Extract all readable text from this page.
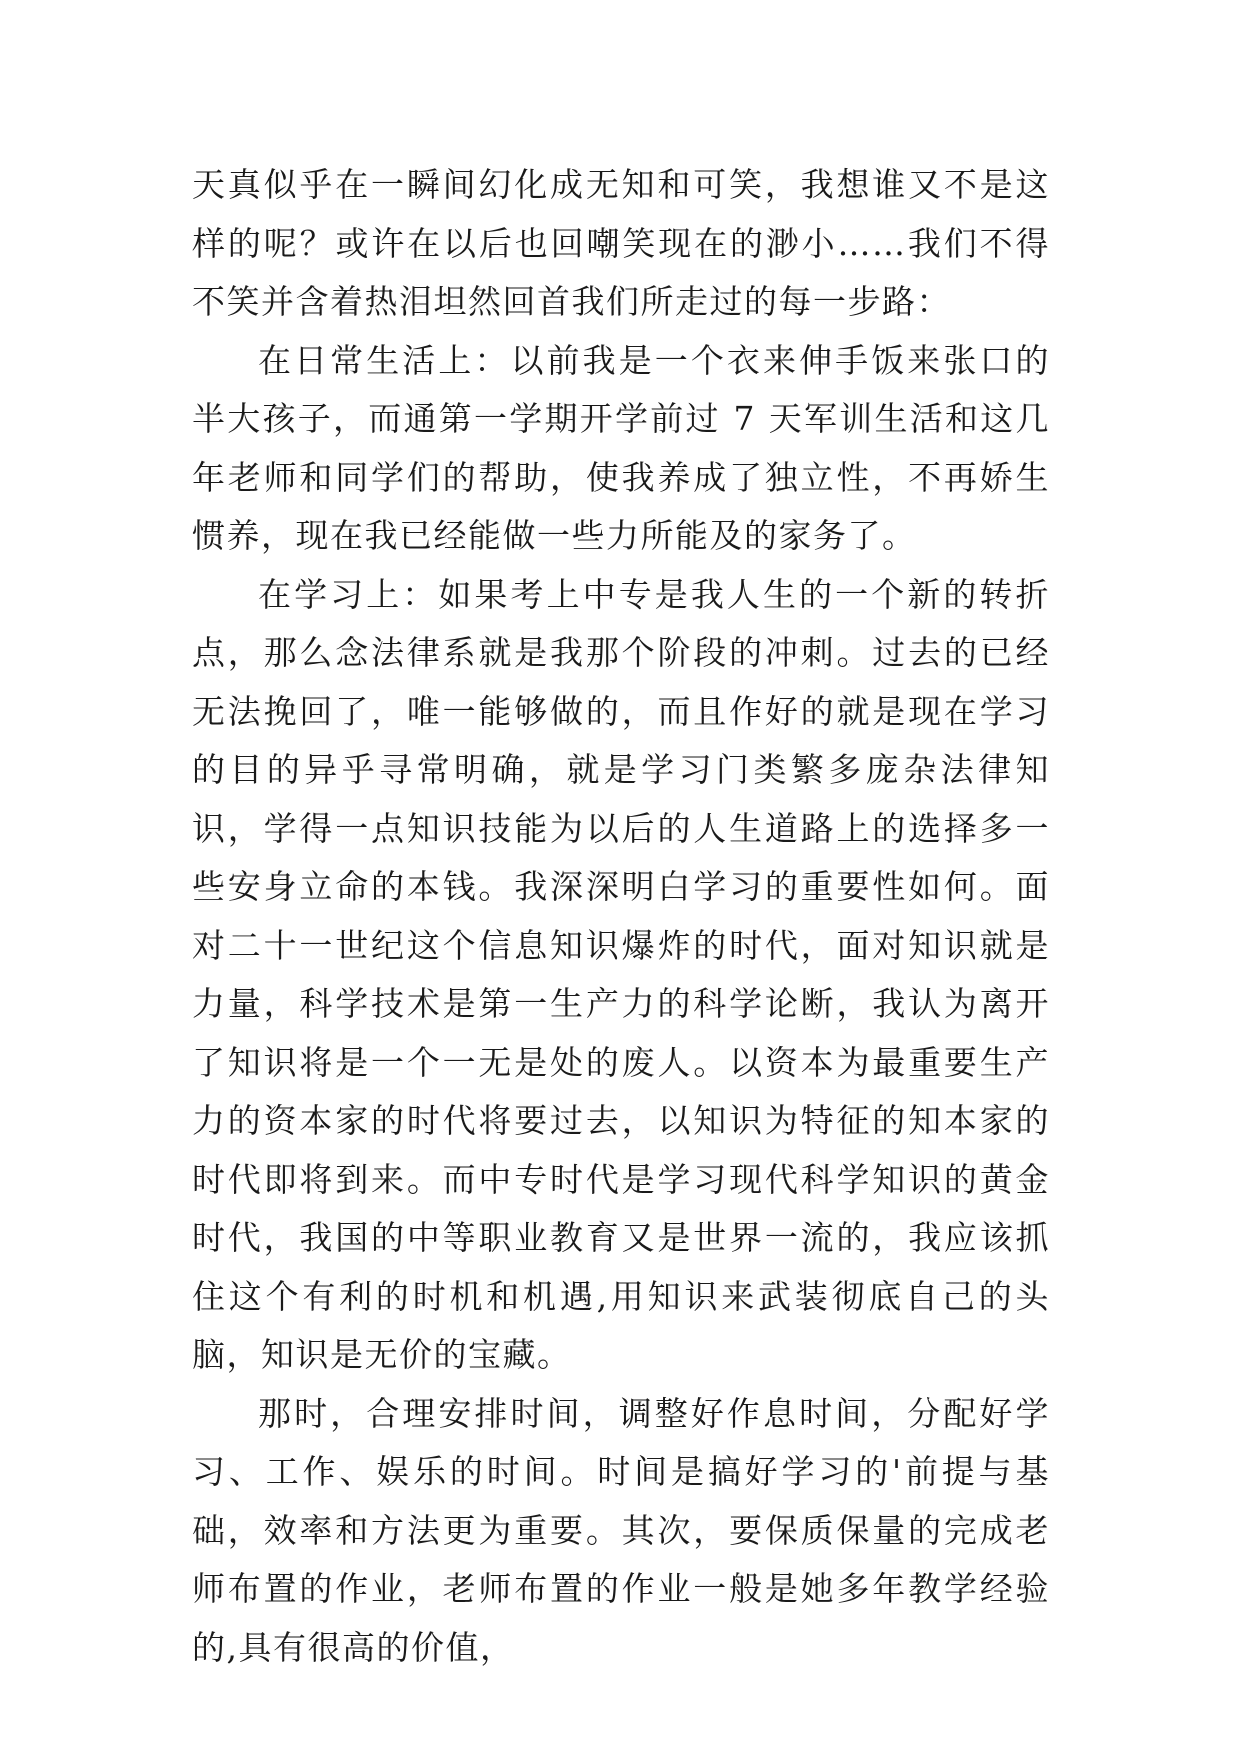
天真似乎在一瞬间幻化成无知和可笑，我想谁又不是这样的呢？或许在以后也回嘲笑现在的渺小……我们不得不笑并含着热泪坦然回首我们所走过的每一步路：

在日常生活上：以前我是一个衣来伸手饭来张口的半大孩子，而通第一学期开学前过 7 天军训生活和这几年老师和同学们的帮助，使我养成了独立性，不再娇生惯养，现在我已经能做一些力所能及的家务了。

在学习上：如果考上中专是我人生的一个新的转折点，那么念法律系就是我那个阶段的冲刺。过去的已经无法挽回了，唯一能够做的，而且作好的就是现在学习的目的异乎寻常明确，就是学习门类繁多庞杂法律知识，学得一点知识技能为以后的人生道路上的选择多一些安身立命的本钱。我深深明白学习的重要性如何。面对二十一世纪这个信息知识爆炸的时代，面对知识就是力量，科学技术是第一生产力的科学论断，我认为离开了知识将是一个一无是处的废人。以资本为最重要生产力的资本家的时代将要过去，以知识为特征的知本家的时代即将到来。而中专时代是学习现代科学知识的黄金时代，我国的中等职业教育又是世界一流的，我应该抓住这个有利的时机和机遇,用知识来武装彻底自己的头脑，知识是无价的宝藏。

那时，合理安排时间，调整好作息时间，分配好学习、工作、娱乐的时间。时间是搞好学习的'前提与基础，效率和方法更为重要。其次，要保质保量的完成老师布置的作业，老师布置的作业一般是她多年教学经验的,具有很高的价值，
